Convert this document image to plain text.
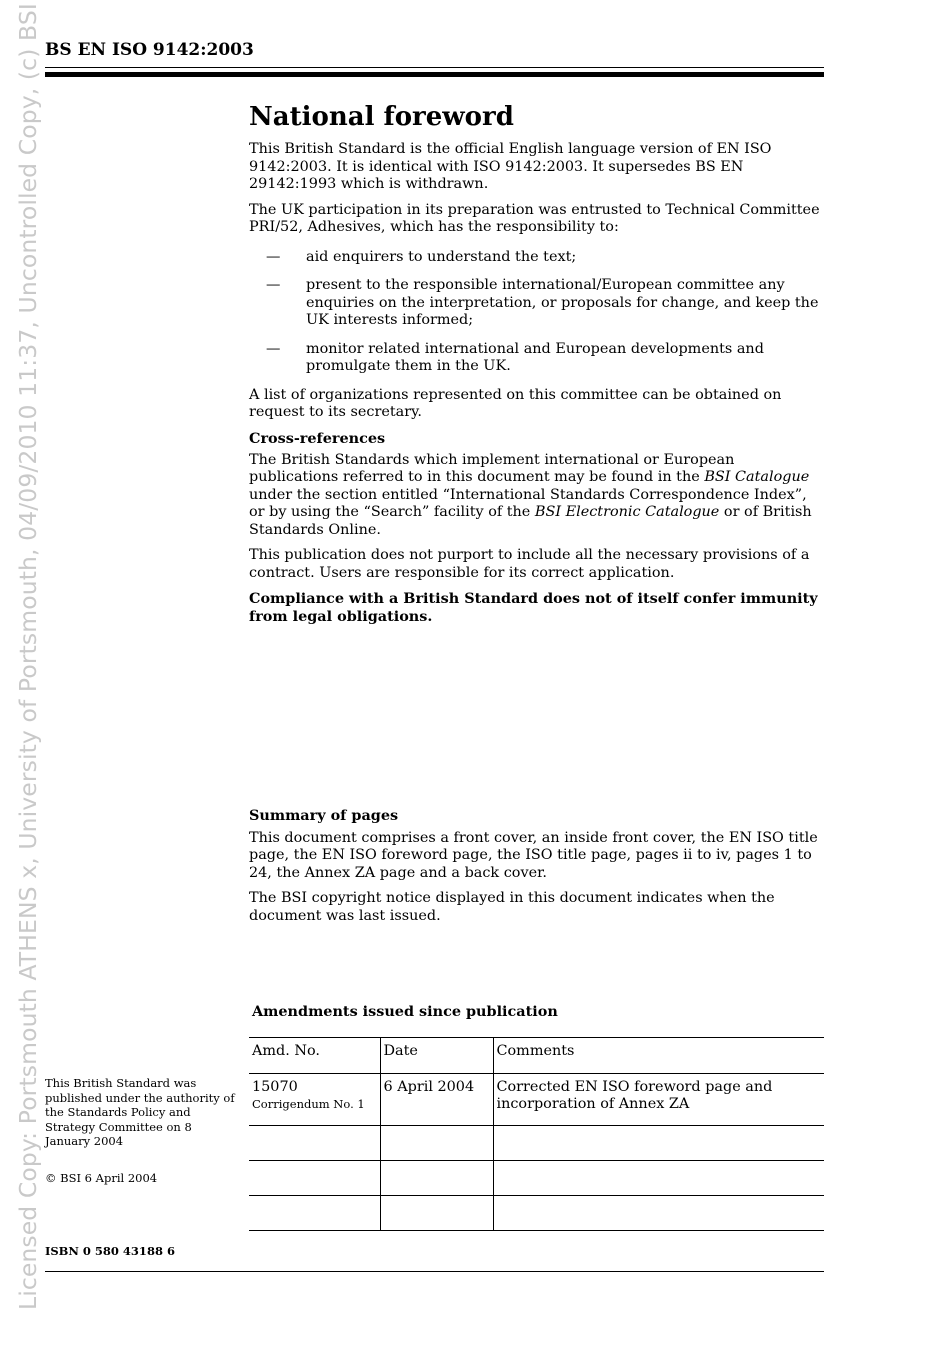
Licensed Copy: Portsmouth ATHENS x, University of Portsmouth, 04/09/2010 11:37, Uncontrolled Copy, (c) BSI BS EN ISO 9142:2003
National foreword

This British Standard is the official English language version of EN ISO 9142:2003. It is identical with ISO 9142:2003. It supersedes BS EN 29142:1993 which is withdrawn.

The UK participation in its preparation was entrusted to Technical Committee PRI/52, Adhesives, which has the responsibility to:

— aid enquirers to understand the text;
— present to the responsible international/European committee any enquiries on the interpretation, or proposals for change, and keep the UK interests informed;
— monitor related international and European developments and promulgate them in the UK.

A list of organizations represented on this committee can be obtained on request to its secretary.

Cross-references

The British Standards which implement international or European publications referred to in this document may be found in the BSI Catalogue under the section entitled “International Standards Correspondence Index”, or by using the “Search” facility of the BSI Electronic Catalogue or of British Standards Online.

This publication does not purport to include all the necessary provisions of a contract. Users are responsible for its correct application.

Compliance with a British Standard does not of itself confer immunity from legal obligations.

Summary of pages

This document comprises a front cover, an inside front cover, the EN ISO title page, the EN ISO foreword page, the ISO title page, pages ii to iv, pages 1 to 24, the Annex ZA page and a back cover.

The BSI copyright notice displayed in this document indicates when the document was last issued.

Amendments issued since publication
Amd. No.	Date	Comments
15070
Corrigendum No. 1	6 April 2004	Corrected EN ISO foreword page and incorporation of Annex ZA

This British Standard was published under the authority of the Standards Policy and Strategy Committee on 8 January 2004

© BSI 6 April 2004

ISBN 0 580 43188 6
